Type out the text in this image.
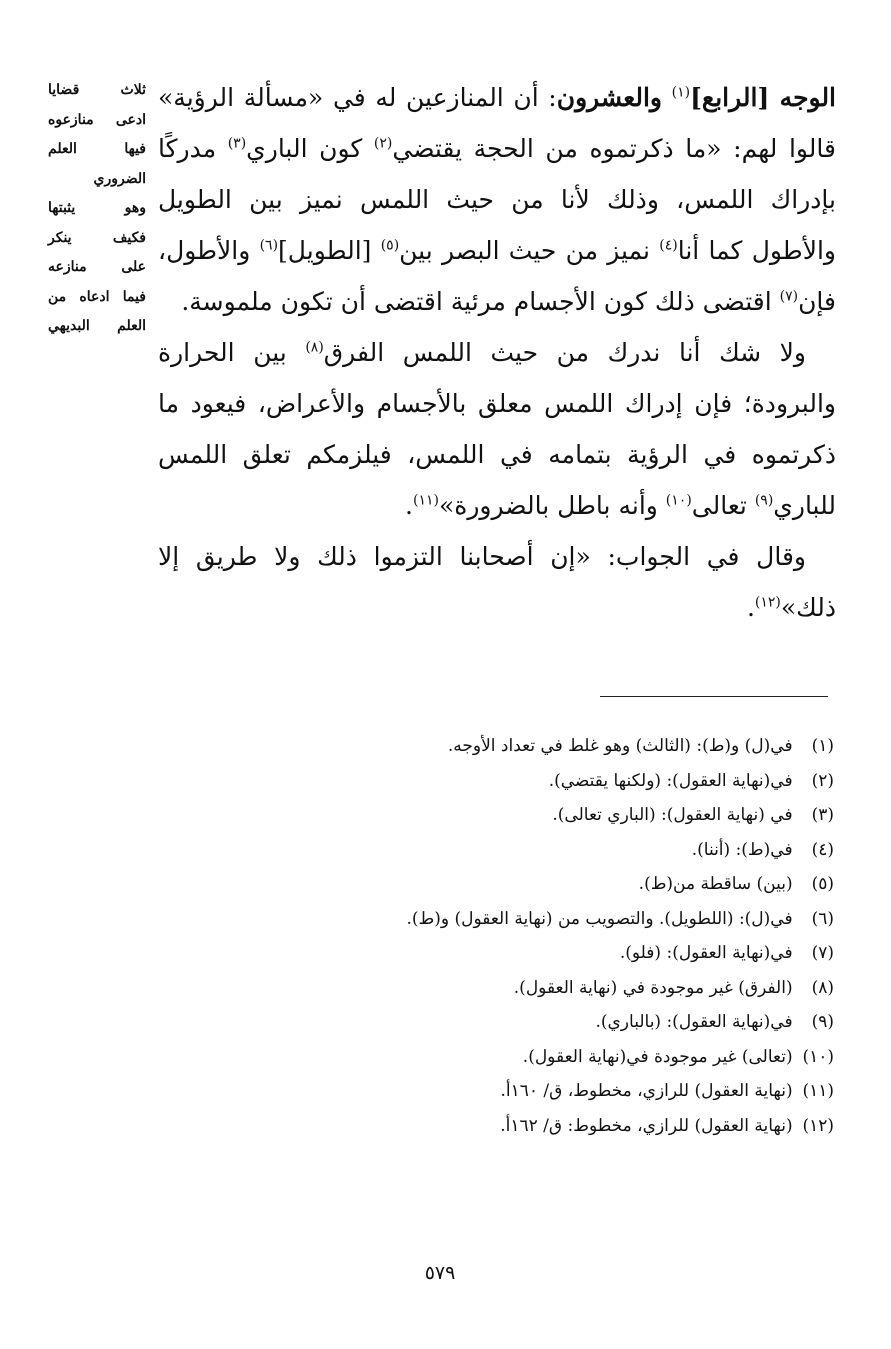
الوجه [الرابع]$^{(١)}$ والعشرون: أن المنازعين له في «مسألة الرؤية» قالوا لهم: «ما ذكرتموه من الحجة يقتضي$^{(٢)}$ كون الباري$^{(٣)}$ مدركًا بإدراك اللمس، وذلك لأنا من حيث اللمس نميز بين الطويل والأطول كما أنا$^{(٤)}$ نميز من حيث البصر بين$^{(٥)}$ [الطويل]$^{(٦)}$ والأطول، فإن$^{(٧)}$ اقتضى ذلك كون الأجسام مرئية اقتضى أن تكون ملموسة.

ولا شك أنا ندرك من حيث اللمس الفرق$^{(٨)}$ بين الحرارة والبرودة؛ فإن إدراك اللمس معلق بالأجسام والأعراض، فيعود ما ذكرتموه في الرؤية بتمامه في اللمس، فيلزمكم تعلق اللمس للباري$^{(٩)}$ تعالى$^{(١٠)}$ وأنه باطل بالضرورة»$^{(١١)}$.

وقال في الجواب: «إن أصحابنا التزموا ذلك ولا طريق إلا ذلك»$^{(١٢)}$.

ثلاث قضايا
ادعى منازعوه
فيها العلم
الضروري
وهو يثبتها
فكيف ينكر
على منازعه
فيما ادعاه من
العلم البديهي
(١) في(ل) و(ط): (الثالث) وهو غلط في تعداد الأوجه.
(٢) في(نهاية العقول): (ولكنها يقتضي).
(٣) في (نهاية العقول): (الباري تعالى).
(٤) في(ط): (أننا).
(٥) (بين) ساقطة من(ط).
(٦) في(ل): (اللطويل). والتصويب من (نهاية العقول) و(ط).
(٧) في(نهاية العقول): (فلو).
(٨) (الفرق) غير موجودة في (نهاية العقول).
(٩) في(نهاية العقول): (بالباري).
(١٠) (تعالى) غير موجودة في(نهاية العقول).
(١١) (نهاية العقول) للرازي، مخطوط، ق/ ١٦٠أ.
(١٢) (نهاية العقول) للرازي، مخطوط: ق/ ١٦٢أ.
٥٧٩
